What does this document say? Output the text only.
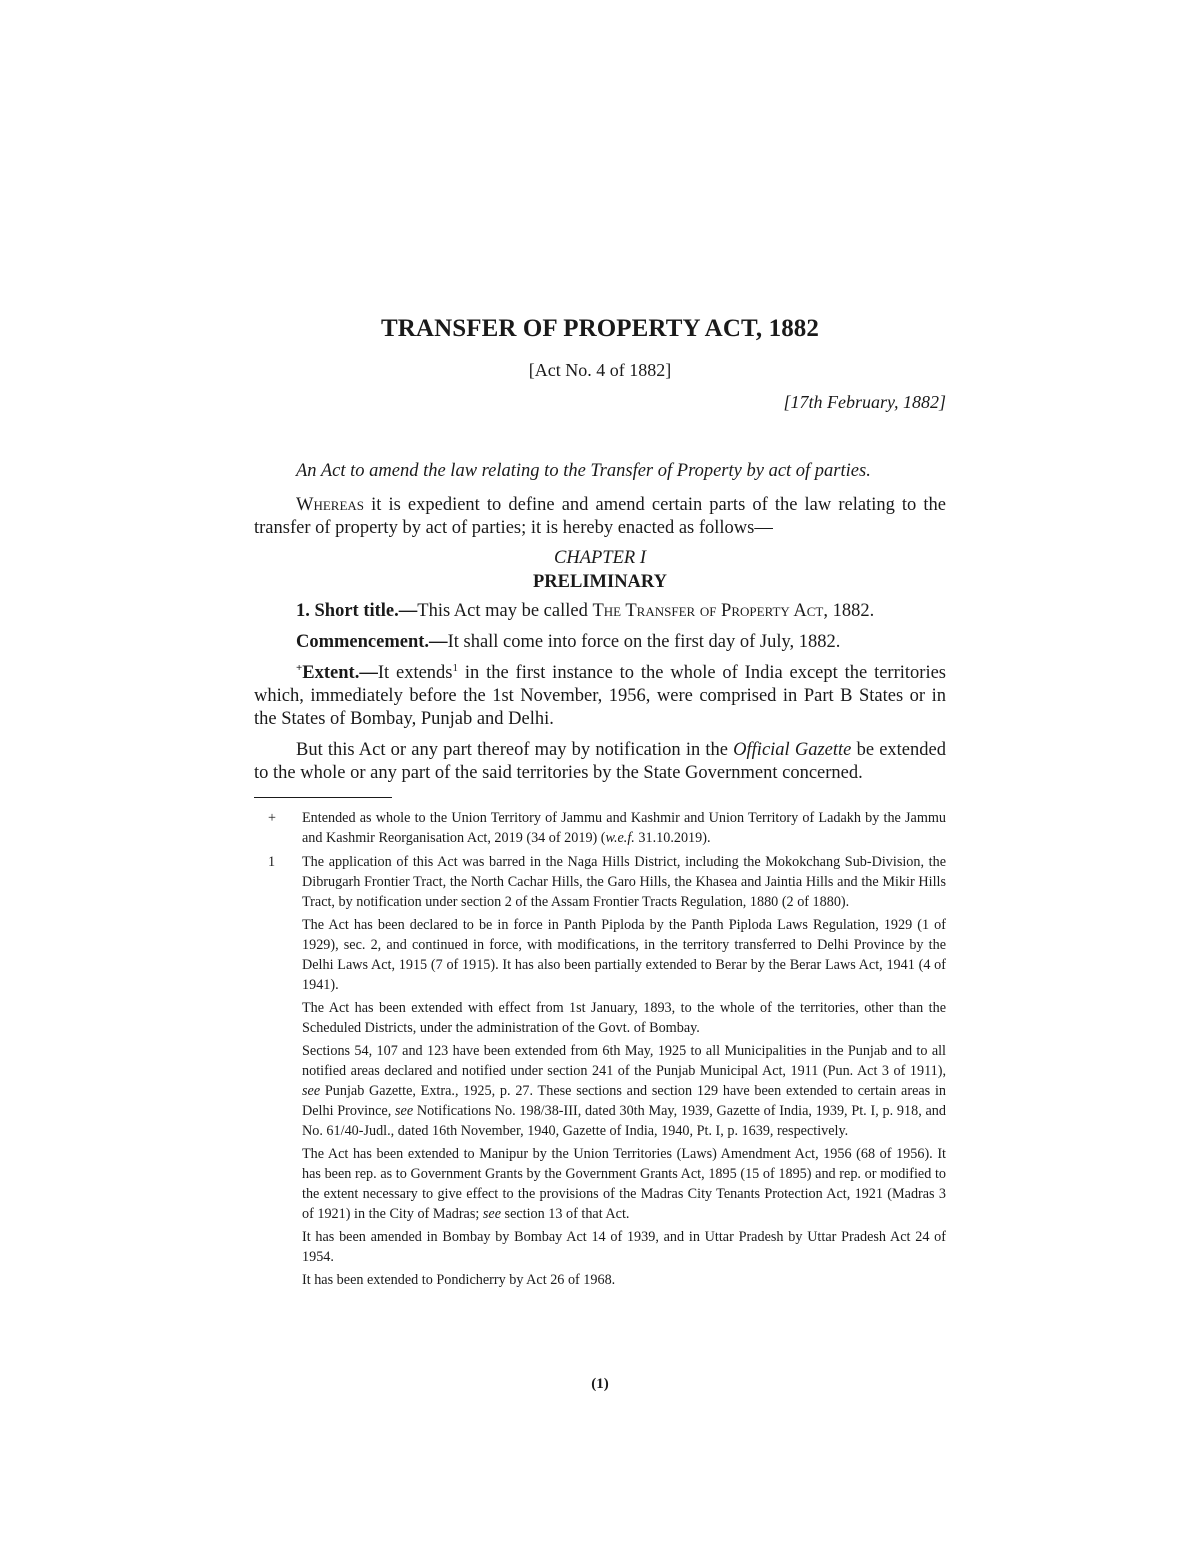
TRANSFER OF PROPERTY ACT, 1882
[Act No. 4 of 1882]
[17th February, 1882]
An Act to amend the law relating to the Transfer of Property by act of parties.

Whereas it is expedient to define and amend certain parts of the law relating to the transfer of property by act of parties; it is hereby enacted as follows—

CHAPTER I
PRELIMINARY

1. Short title.—This Act may be called The Transfer of Property Act, 1882.

Commencement.—It shall come into force on the first day of July, 1882.

+Extent.—It extends$^1$ in the first instance to the whole of India except the territories which, immediately before the 1st November, 1956, were comprised in Part B States or in the States of Bombay, Punjab and Delhi.

But this Act or any part thereof may by notification in the Official Gazette be extended to the whole or any part of the said territories by the State Government concerned.

+	Entended as whole to the Union Territory of Jammu and Kashmir and Union Territory of Ladakh by the Jammu and Kashmir Reorganisation Act, 2019 (34 of 2019) (w.e.f. 31.10.2019).
1	The application of this Act was barred in the Naga Hills District, including the Mokokchang Sub-Division, the Dibrugarh Frontier Tract, the North Cachar Hills, the Garo Hills, the Khasea and Jaintia Hills and the Mikir Hills Tract, by notification under section 2 of the Assam Frontier Tracts Regulation, 1880 (2 of 1880).

The Act has been declared to be in force in Panth Piploda by the Panth Piploda Laws Regulation, 1929 (1 of 1929), sec. 2, and continued in force, with modifications, in the territory transferred to Delhi Province by the Delhi Laws Act, 1915 (7 of 1915). It has also been partially extended to Berar by the Berar Laws Act, 1941 (4 of 1941).

The Act has been extended with effect from 1st January, 1893, to the whole of the territories, other than the Scheduled Districts, under the administration of the Govt. of Bombay.

Sections 54, 107 and 123 have been extended from 6th May, 1925 to all Municipalities in the Punjab and to all notified areas declared and notified under section 241 of the Punjab Municipal Act, 1911 (Pun. Act 3 of 1911), see Punjab Gazette, Extra., 1925, p. 27. These sections and section 129 have been extended to certain areas in Delhi Province, see Notifications No. 198/38-III, dated 30th May, 1939, Gazette of India, 1939, Pt. I, p. 918, and No. 61/40-Judl., dated 16th November, 1940, Gazette of India, 1940, Pt. I, p. 1639, respectively.

The Act has been extended to Manipur by the Union Territories (Laws) Amendment Act, 1956 (68 of 1956). It has been rep. as to Government Grants by the Government Grants Act, 1895 (15 of 1895) and rep. or modified to the extent necessary to give effect to the provisions of the Madras City Tenants Protection Act, 1921 (Madras 3 of 1921) in the City of Madras; see section 13 of that Act.

It has been amended in Bombay by Bombay Act 14 of 1939, and in Uttar Pradesh by Uttar Pradesh Act 24 of 1954.

It has been extended to Pondicherry by Act 26 of 1968.

(1)
